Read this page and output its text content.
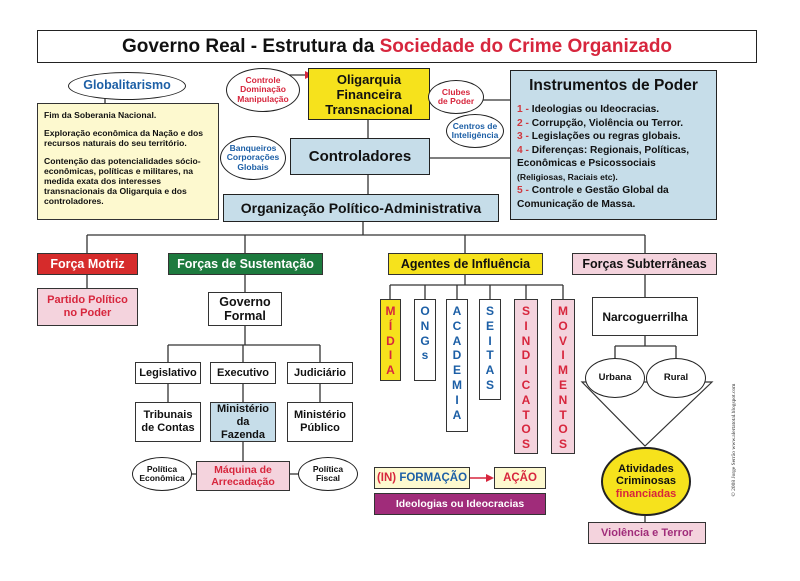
Governo Real - Estrutura da Sociedade do Crime Organizado
Globalitarismo

Fim da Soberania Nacional.

Exploração econômica da Nação e dos recursos naturais do seu território.

Contenção das potencialidades sócio-econômicas, políticas e militares, na medida exata dos interesses transnacionais da Oligarquia e dos controladores.

Controle Dominação Manipulação
Oligarquia Financeira Transnacional
Clubes de Poder
Centros de Inteligência
Instrumentos de Poder
1 - Ideologias ou Ideocracias.
2 - Corrupção, Violência ou Terror.
3 - Legislações ou regras globais.
4 - Diferenças: Regionais, Políticas,
Econômicas e Psicossociais
(Religiosas, Raciais etc).
5 - Controle e Gestão Global da
Comunicação de Massa.
Banqueiros Corporações Globais
Controladores
Organização Político-Administrativa
Força Motriz
Partido Político no Poder
Forças de Sustentação
Governo Formal
Legislativo Executivo Judiciário
Tribunais de Contas
Ministério da Fazenda
Ministério Público
Política Econômica
Máquina de Arrecadação
Política Fiscal
Agentes de Influência
M
Í
D
I
A
O
N
G
s
A
C
A
D
E
M
I
A
S
E
I
T
A
S
S
I
N
D
I
C
A
T
O
S
M
O
V
I
M
E
N
T
O
S
(IN) FORMAÇÃO	AÇÃO
Ideologias ou Ideocracias
Forças Subterrâneas
Narcoguerrilha
Urbana	Rural
Atividades Criminosas
financiadas
Violência e Terror
© 2008 Jorge Serrão www.alertatotal.blogspot.com
